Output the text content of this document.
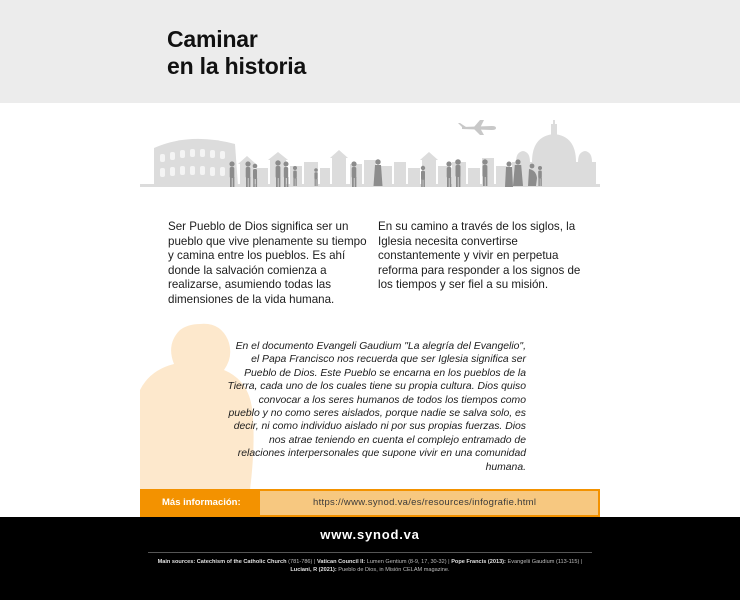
Caminar
en la historia

Ser Pueblo de Dios significa ser un pueblo que vive plenamente su tiempo y camina entre los pueblos. Es ahí donde la salvación comienza a realizarse, asumiendo todas las dimensiones de la vida humana.

En su camino a través de los siglos, la Iglesia necesita convertirse constantemente y vivir en perpetua reforma para responder a los signos de los tiempos y ser fiel a su misión.

En el documento Evangeli Gaudium "La alegría del Evangelio", el Papa Francisco nos recuerda que ser Iglesia significa ser Pueblo de Dios. Este Pueblo se encarna en los pueblos de la Tierra, cada uno de los cuales tiene su propia cultura. Dios quiso convocar a los seres humanos de todos los tiempos como pueblo y no como seres aislados, porque nadie se salva solo, es decir, ni como individuo aislado ni por sus propias fuerzas. Dios nos atrae teniendo en cuenta el complejo entramado de relaciones interpersonales que supone vivir en una comunidad humana.

Más información:	https://www.synod.va/es/resources/infografie.html
www.synod.va

Main sources: Catechism of the Catholic Church (781-786) | Vatican Council II: Lumen Gentium (8-9, 17, 30-32) | Pope Francis (2013): Evangelii Gaudium (113-115) | Luciani, R (2021): Pueblo de Dios, in Misión CELAM magazine.
